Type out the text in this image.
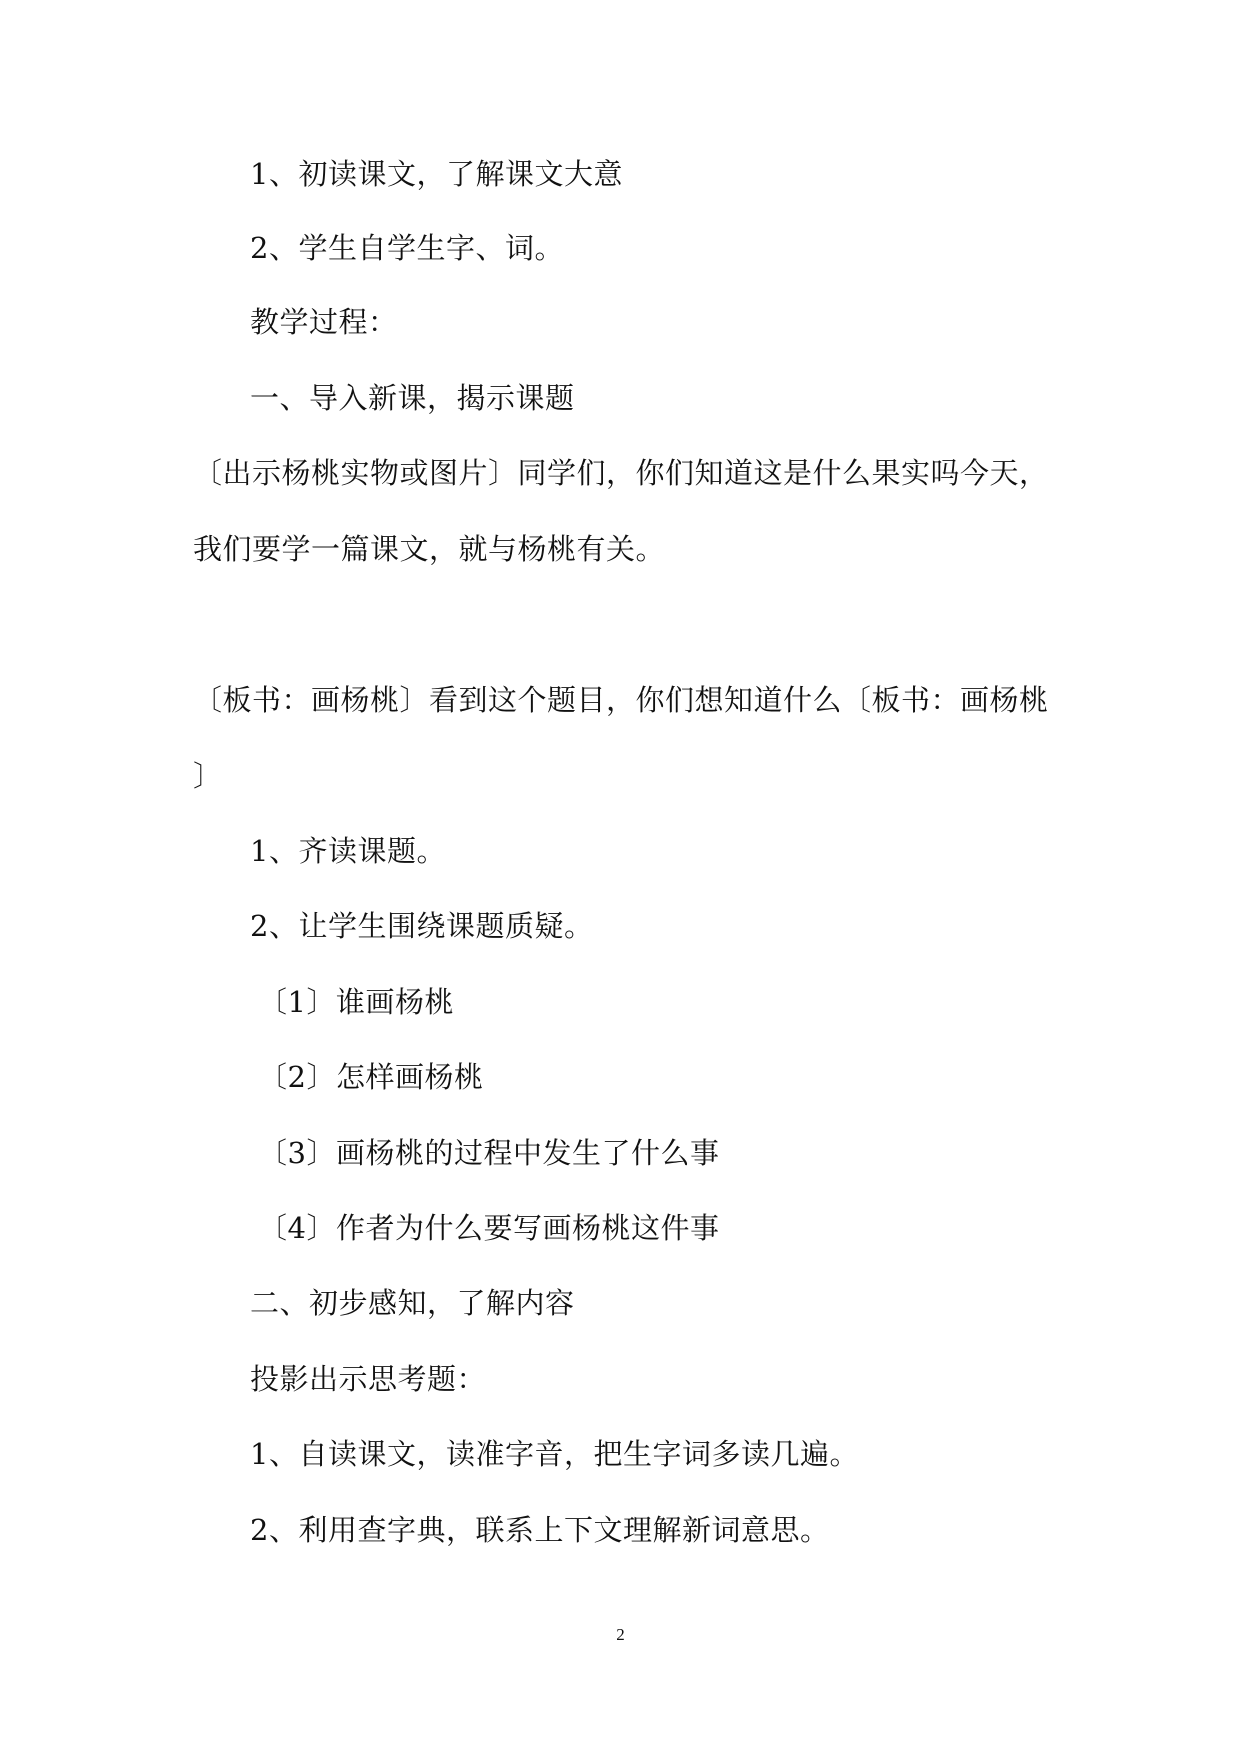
1、初读课文，了解课文大意
2、学生自学生字、词。
教学过程：
一、导入新课，揭示课题
〔出示杨桃实物或图片〕同学们，你们知道这是什么果实吗今天，
我们要学一篇课文，就与杨桃有关。
〔板书：画杨桃〕看到这个题目，你们想知道什么〔板书：画杨桃
〕
1、齐读课题。
2、让学生围绕课题质疑。
〔1〕谁画杨桃
〔2〕怎样画杨桃
〔3〕画杨桃的过程中发生了什么事
〔4〕作者为什么要写画杨桃这件事
二、初步感知，了解内容
投影出示思考题：
1、自读课文，读准字音，把生字词多读几遍。
2、利用查字典，联系上下文理解新词意思。
2
